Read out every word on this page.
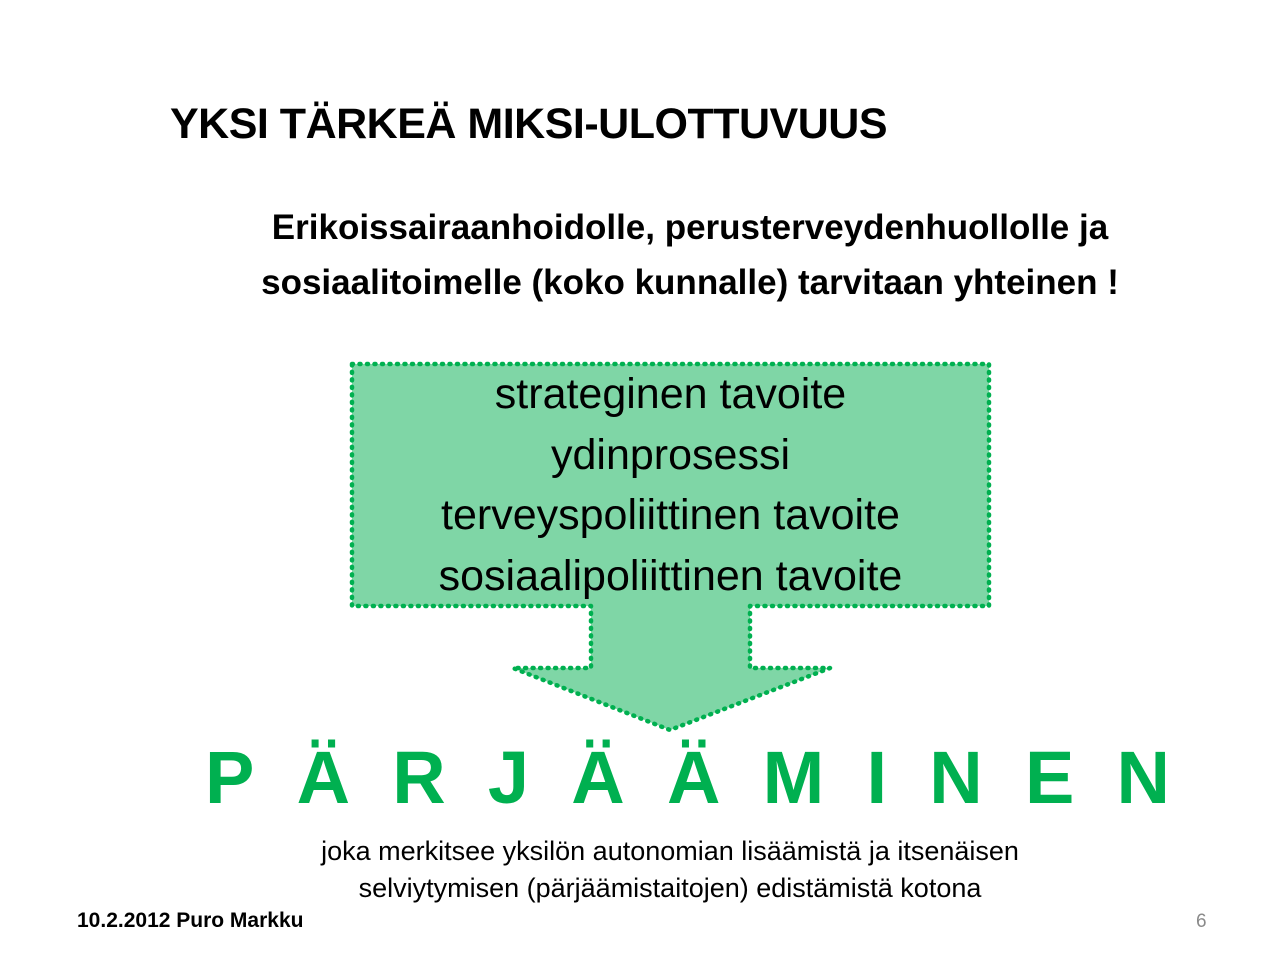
YKSI TÄRKEÄ MIKSI-ULOTTUVUUS
Erikoissairaanhoidolle, perusterveydenhuollolle ja
sosiaalitoimelle (koko kunnalle) tarvitaan yhteinen !
strateginen tavoite
ydinprosessi
terveyspoliittinen tavoite
sosiaalipoliittinen tavoite
P Ä R J Ä Ä M I N E N
joka merkitsee yksilön autonomian lisäämistä ja itsenäisen
selviytymisen (pärjäämistaitojen) edistämistä kotona
10.2.2012 Puro Markku	6
